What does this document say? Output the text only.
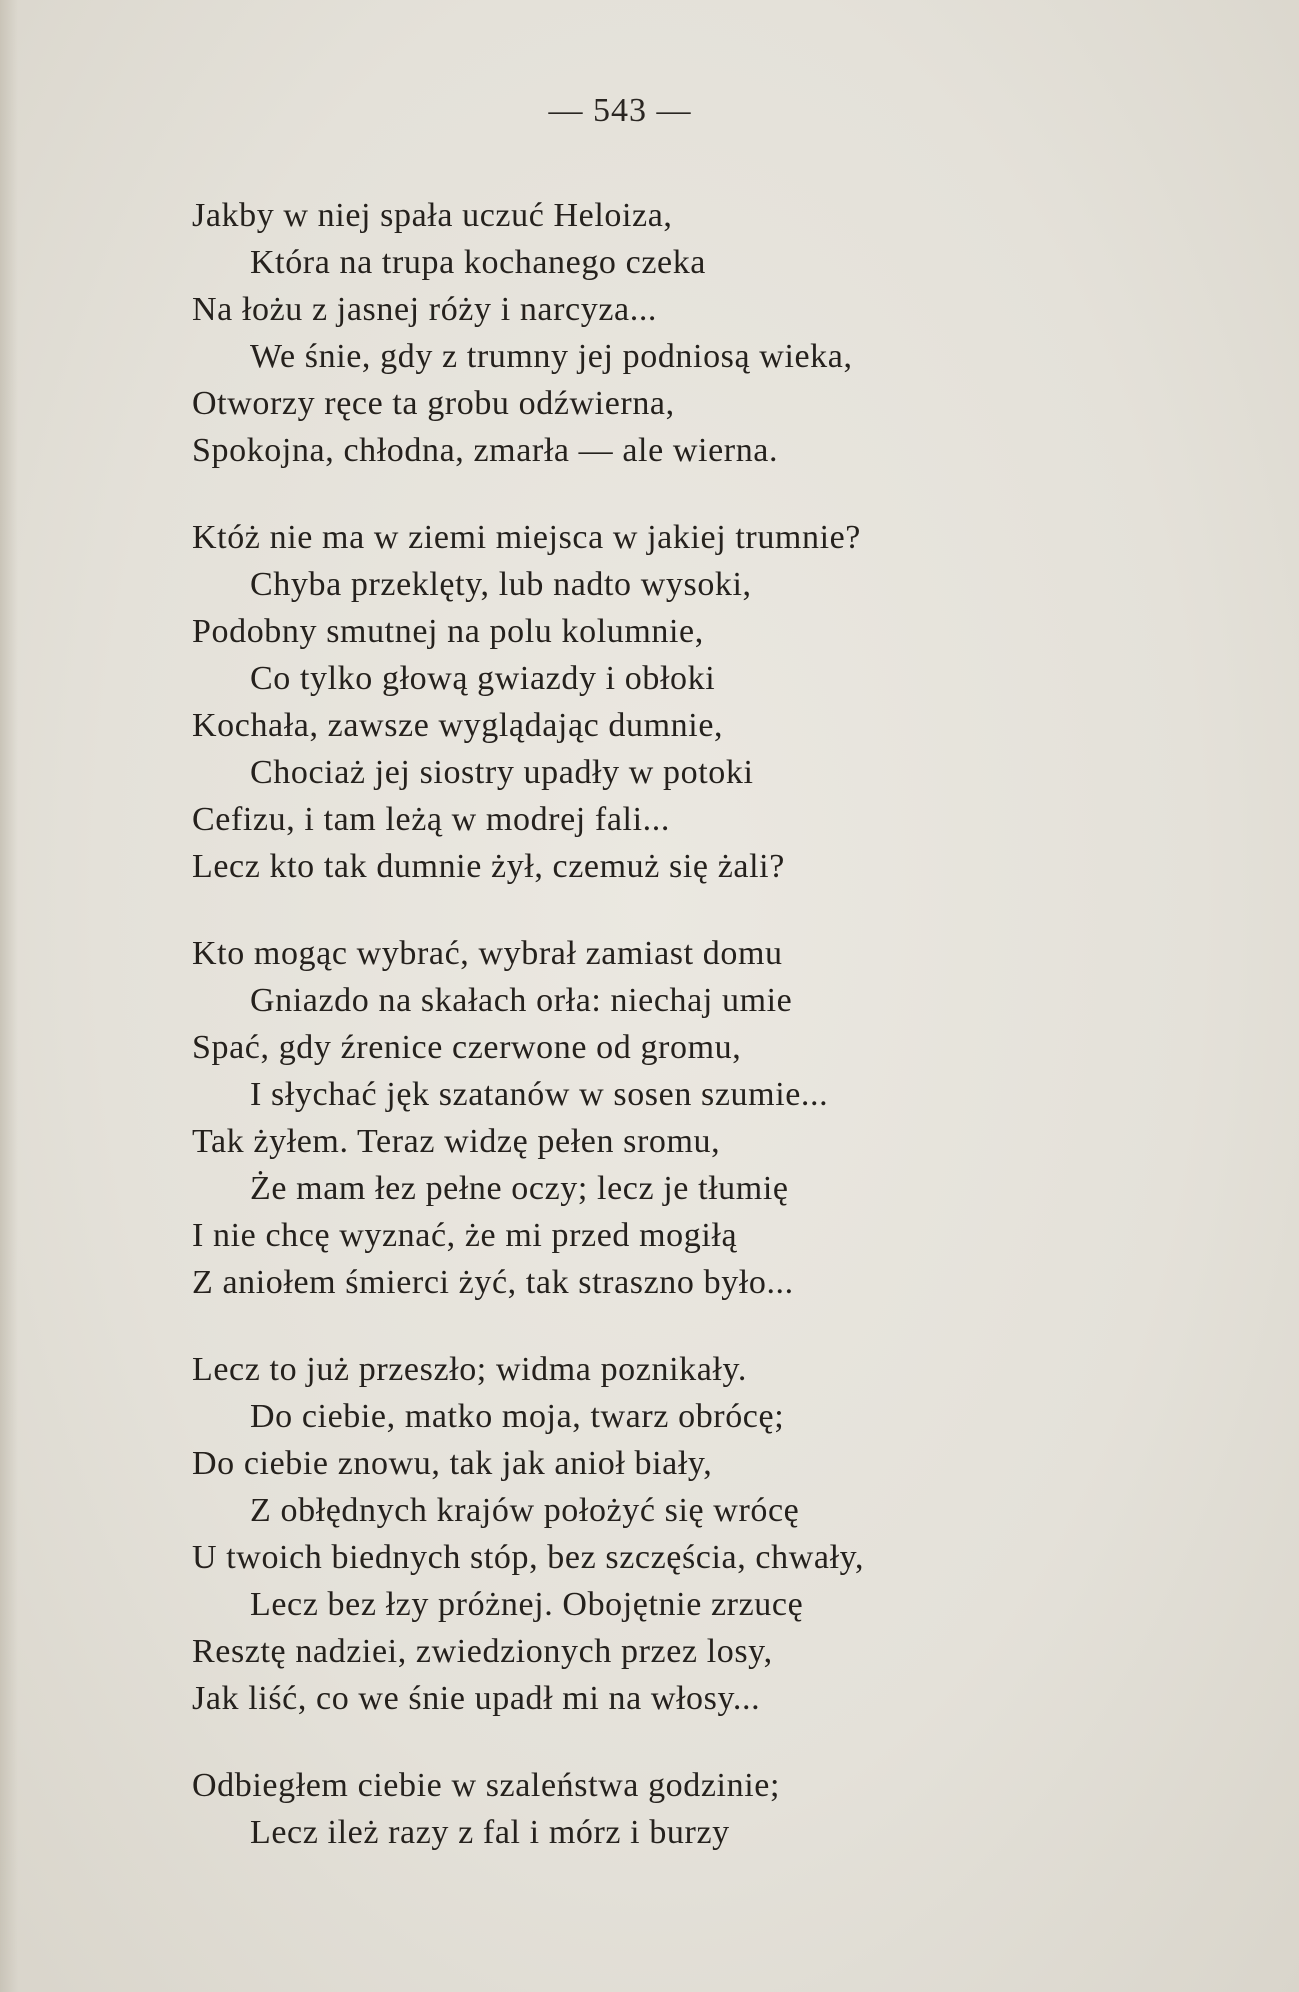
— 543 —
Jakby w niej spała uczuć Heloiza,
Która na trupa kochanego czeka
Na łożu z jasnej róży i narcyza...
We śnie, gdy z trumny jej podniosą wieka,
Otworzy ręce ta grobu odźwierna,
Spokojna, chłodna, zmarła — ale wierna.
Któż nie ma w ziemi miejsca w jakiej trumnie?
Chyba przeklęty, lub nadto wysoki,
Podobny smutnej na polu kolumnie,
Co tylko głową gwiazdy i obłoki
Kochała, zawsze wyglądając dumnie,
Chociaż jej siostry upadły w potoki
Cefizu, i tam leżą w modrej fali...
Lecz kto tak dumnie żył, czemuż się żali?
Kto mogąc wybrać, wybrał zamiast domu
Gniazdo na skałach orła: niechaj umie
Spać, gdy źrenice czerwone od gromu,
I słychać jęk szatanów w sosen szumie...
Tak żyłem. Teraz widzę pełen sromu,
Że mam łez pełne oczy; lecz je tłumię
I nie chcę wyznać, że mi przed mogiłą
Z aniołem śmierci żyć, tak straszno było...
Lecz to już przeszło; widma poznikały.
Do ciebie, matko moja, twarz obrócę;
Do ciebie znowu, tak jak anioł biały,
Z obłędnych krajów położyć się wrócę
U twoich biednych stóp, bez szczęścia, chwały,
Lecz bez łzy próżnej. Obojętnie zrzucę
Resztę nadziei, zwiedzionych przez losy,
Jak liść, co we śnie upadł mi na włosy...
Odbiegłem ciebie w szaleństwa godzinie;
Lecz ileż razy z fal i mórz i burzy
